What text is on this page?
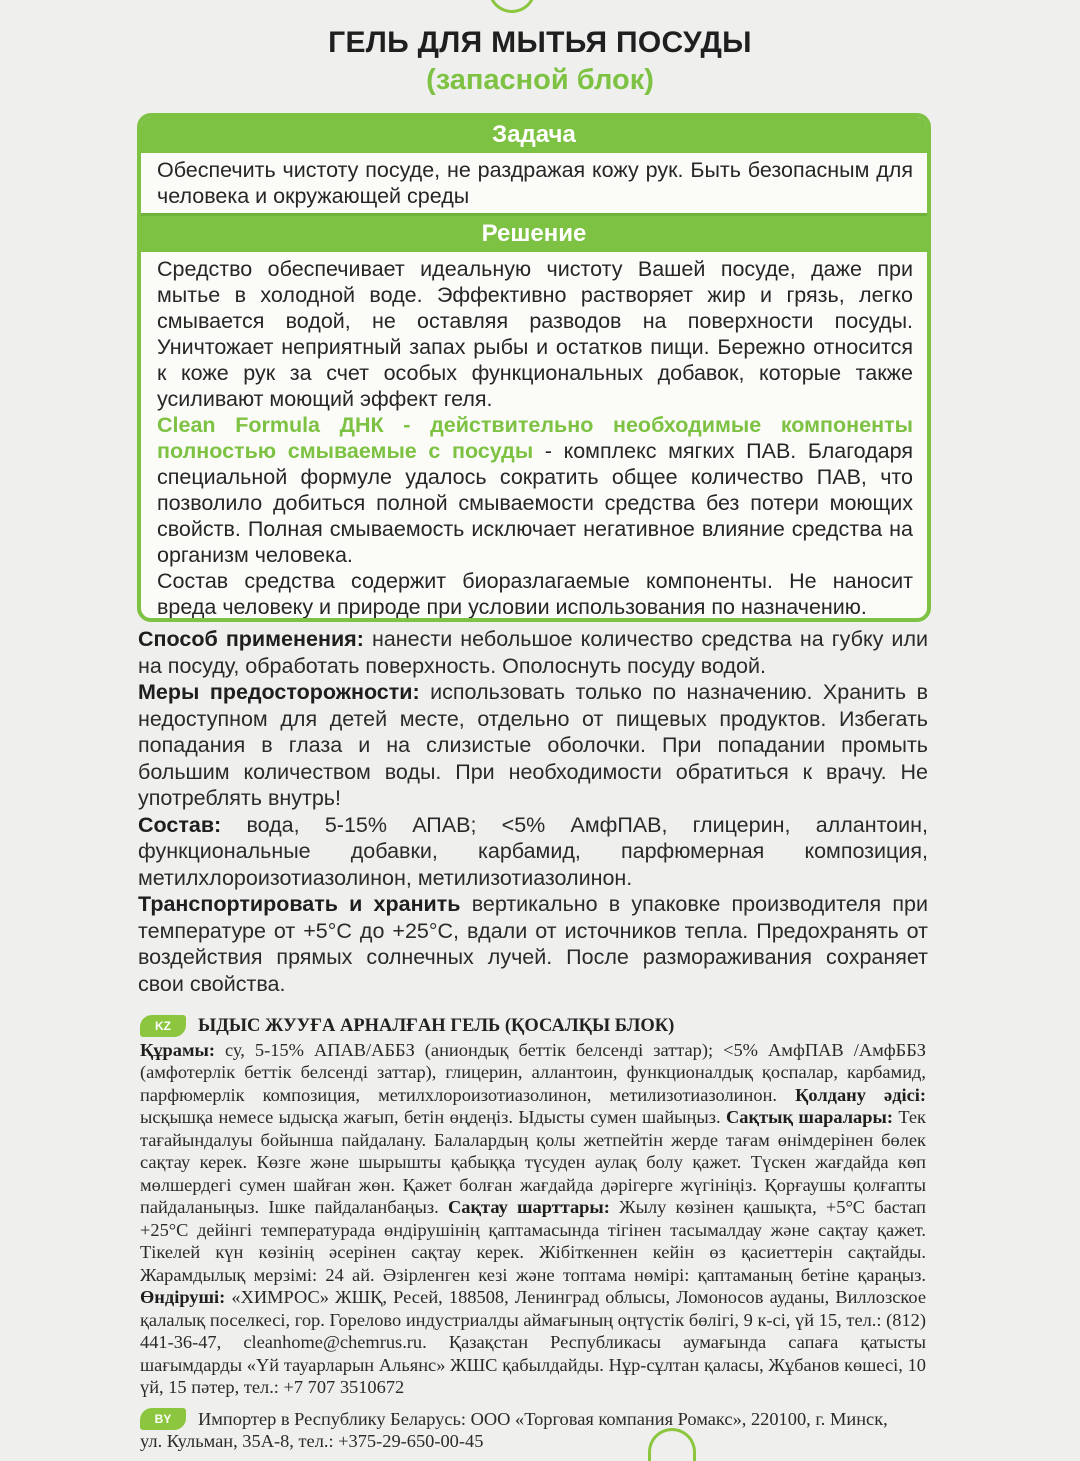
ГЕЛЬ ДЛЯ МЫТЬЯ ПОСУДЫ
(запасной блок)
Задача

Обеспечить чистоту посуде, не раздражая кожу рук. Быть безопасным для человека и окружающей среды

Решение

Средство обеспечивает идеальную чистоту Вашей посуде, даже при мытье в холодной воде. Эффективно растворяет жир и грязь, легко смывается водой, не оставляя разводов на поверхности посуды. Уничтожает неприятный запах рыбы и остатков пищи. Бережно относится к коже рук за счет особых функциональных добавок, которые также усиливают моющий эффект геля.

Clean Formula ДНК - действительно необходимые компоненты полностью смываемые с посуды - комплекс мягких ПАВ. Благодаря специальной формуле удалось сократить общее количество ПАВ, что позволило добиться полной смываемости средства без потери моющих свойств. Полная смываемость исключает негативное влияние средства на организм человека.

Состав средства содержит биоразлагаемые компоненты. Не наносит вреда человеку и природе при условии использования по назначению.

Способ применения: нанести небольшое количество средства на губку или на посуду, обработать поверхность. Ополоснуть посуду водой.

Меры предосторожности: использовать только по назначению. Хранить в недоступном для детей месте, отдельно от пищевых продуктов. Избегать попадания в глаза и на слизистые оболочки. При попадании промыть большим количеством воды. При необходимости обратиться к врачу. Не употреблять внутрь!

Состав: вода, 5-15% АПАВ; <5% АмфПАВ, глицерин, аллантоин, функциональные добавки, карбамид, парфюмерная композиция, метилхлороизотиазолинон, метилизотиазолинон.

Транспортировать и хранить вертикально в упаковке производителя при температуре от +5°C до +25°C, вдали от источников тепла. Предохранять от воздействия прямых солнечных лучей. После размораживания сохраняет свои свойства.

KZ	ЫДЫС ЖУУҒА АРНАЛҒАН ГЕЛЬ (ҚОСАЛҚЫ БЛОК)

Құрамы: су, 5-15% АПАВ/АББЗ (аниондық беттік белсенді заттар); <5% АмфПАВ /АмфББЗ (амфотерлік беттік белсенді заттар), глицерин, аллантоин, функционалдық қоспалар, карбамид, парфюмерлік композиция, метилхлороизотиазолинон, метилизотиазолинон. Қолдану әдісі: ысқышқа немесе ыдысқа жағып, бетін өңдеңіз. Ыдысты сумен шайыңыз. Сақтық шаралары: Тек тағайындалуы бойынша пайдалану. Балалардың қолы жетпейтін жерде тағам өнімдерінен бөлек сақтау керек. Көзге және шырышты қабыққа түсуден аулақ болу қажет. Түскен жағдайда көп мөлшердегі сумен шайған жөн. Қажет болған жағдайда дәрігерге жүгініңіз. Қорғаушы қолғапты пайдаланыңыз. Ішке пайдаланбаңыз. Сақтау шарттары: Жылу көзінен қашықта, +5°C бастап +25°C дейінгі температурада өндірушінің қаптамасында тігінен тасымалдау және сақтау қажет. Тікелей күн көзінің әсерінен сақтау керек. Жібіткеннен кейін өз қасиеттерін сақтайды. Жарамдылық мерзімі: 24 ай. Әзірленген кезі және топтама нөмірі: қаптаманың бетіне қараңыз. Өндіруші: «ХИМРОС» ЖШҚ, Ресей, 188508, Ленинград облысы, Ломоносов ауданы, Виллозское қалалық поселкесі, гор. Горелово индустриалды аймағының оңтүстік бөлігі, 9 к-сі, үй 15, тел.: (812) 441-36-47, cleanhome@chemrus.ru. Қазақстан Республикасы аумағында сапаға қатысты шағымдарды «Үй тауарларын Альянс» ЖШС қабылдайды. Нұр-сұлтан қаласы, Жұбанов көшесі, 10 үй, 15 пәтер, тел.: +7 707 3510672

BY	Импортер в Республику Беларусь: ООО «Торговая компания Ромакс», 220100, г. Минск,
ул. Кульман, 35А-8, тел.: +375-29-650-00-45
